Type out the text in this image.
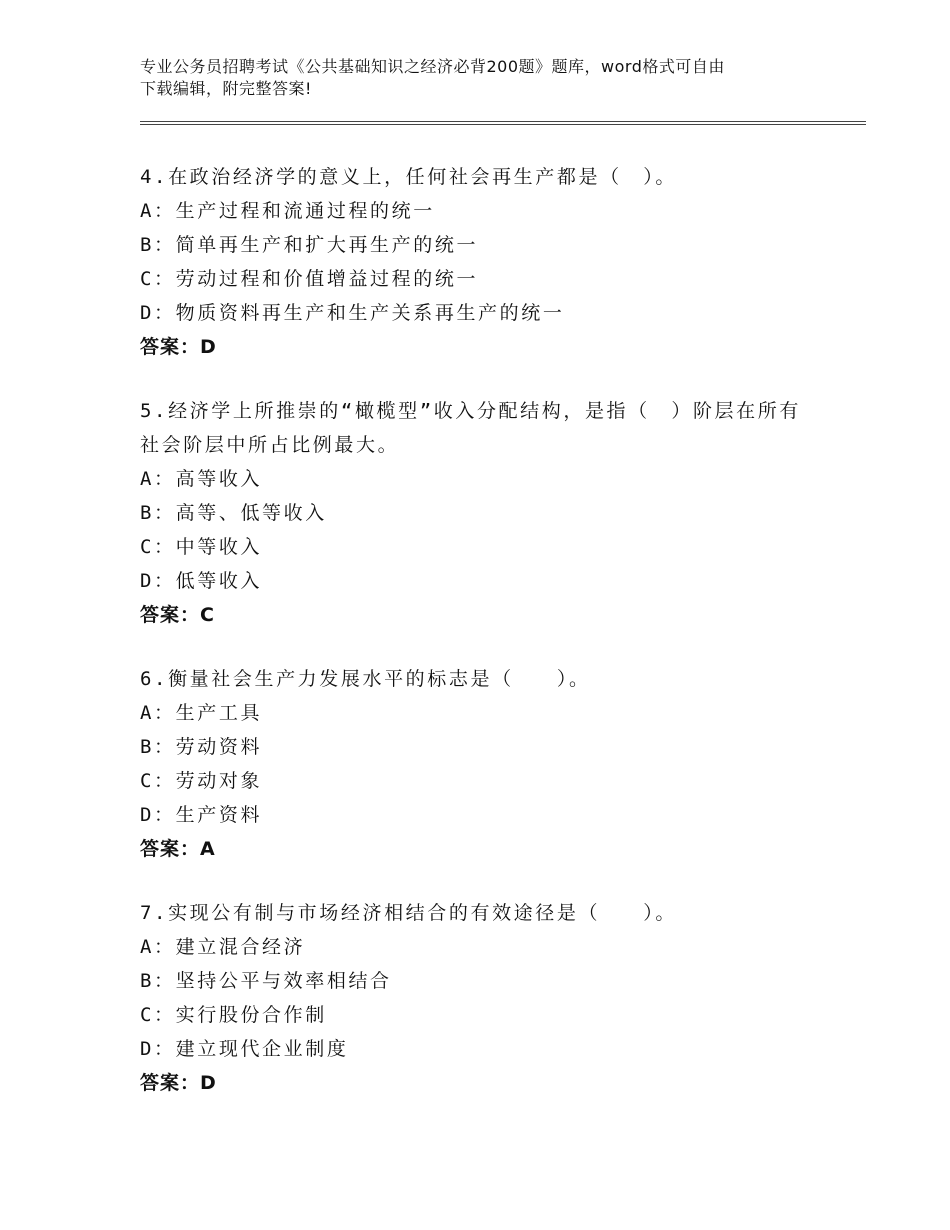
专业公务员招聘考试《公共基础知识之经济必背200题》题库，word格式可自由
下载编辑，附完整答案!
4.在政治经济学的意义上，任何社会再生产都是（　）。
A：生产过程和流通过程的统一
B：简单再生产和扩大再生产的统一
C：劳动过程和价值增益过程的统一
D：物质资料再生产和生产关系再生产的统一
答案：D
5.经济学上所推崇的“橄榄型”收入分配结构，是指（　）阶层在所有社会阶层中所占比例最大。
A：高等收入
B：高等、低等收入
C：中等收入
D：低等收入
答案：C
6.衡量社会生产力发展水平的标志是（　　）。
A：生产工具
B：劳动资料
C：劳动对象
D：生产资料
答案：A
7.实现公有制与市场经济相结合的有效途径是（　　）。
A：建立混合经济
B：坚持公平与效率相结合
C：实行股份合作制
D：建立现代企业制度
答案：D
